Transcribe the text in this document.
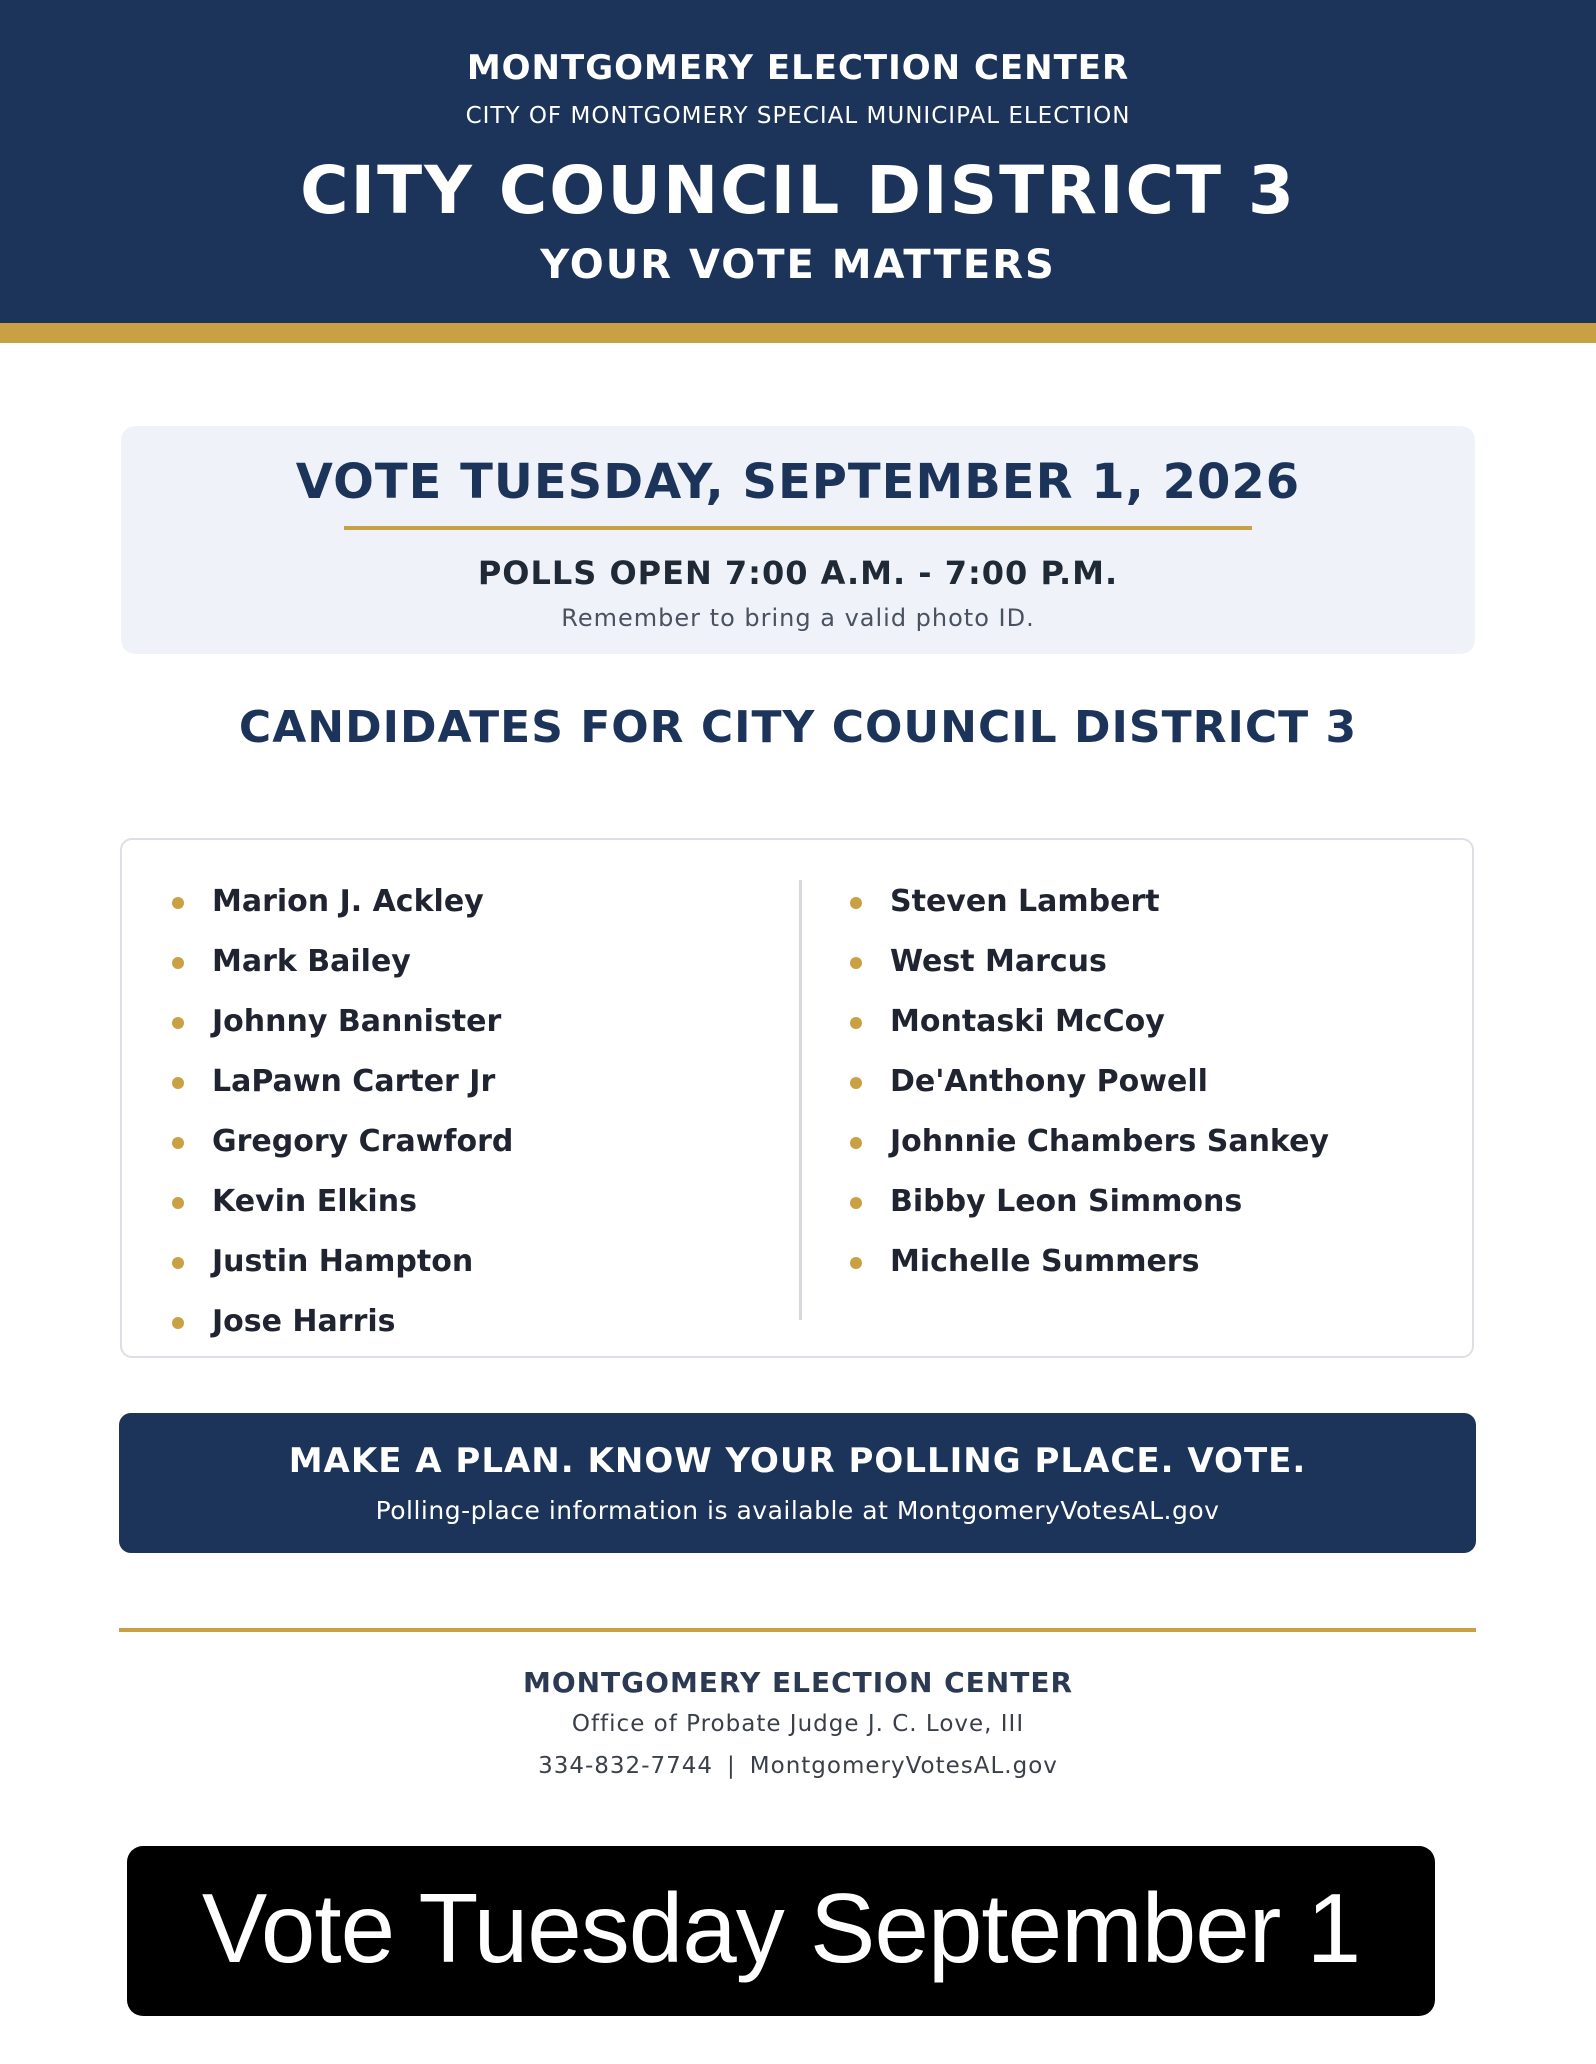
MONTGOMERY ELECTION CENTER
CITY OF MONTGOMERY SPECIAL MUNICIPAL ELECTION
CITY COUNCIL DISTRICT 3
YOUR VOTE MATTERS
VOTE TUESDAY, SEPTEMBER 1, 2026
POLLS OPEN 7:00 A.M. - 7:00 P.M.
Remember to bring a valid photo ID.
CANDIDATES FOR CITY COUNCIL DISTRICT 3
Marion J. Ackley
Mark Bailey
Johnny Bannister
LaPawn Carter Jr
Gregory Crawford
Kevin Elkins
Justin Hampton
Jose Harris
Steven Lambert
West Marcus
Montaski McCoy
De'Anthony Powell
Johnnie Chambers Sankey
Bibby Leon Simmons
Michelle Summers
MAKE A PLAN. KNOW YOUR POLLING PLACE. VOTE.
Polling-place information is available at MontgomeryVotesAL.gov
MONTGOMERY ELECTION CENTER
Office of Probate Judge J. C. Love, III
334-832-7744 | MontgomeryVotesAL.gov
Vote Tuesday September 1
